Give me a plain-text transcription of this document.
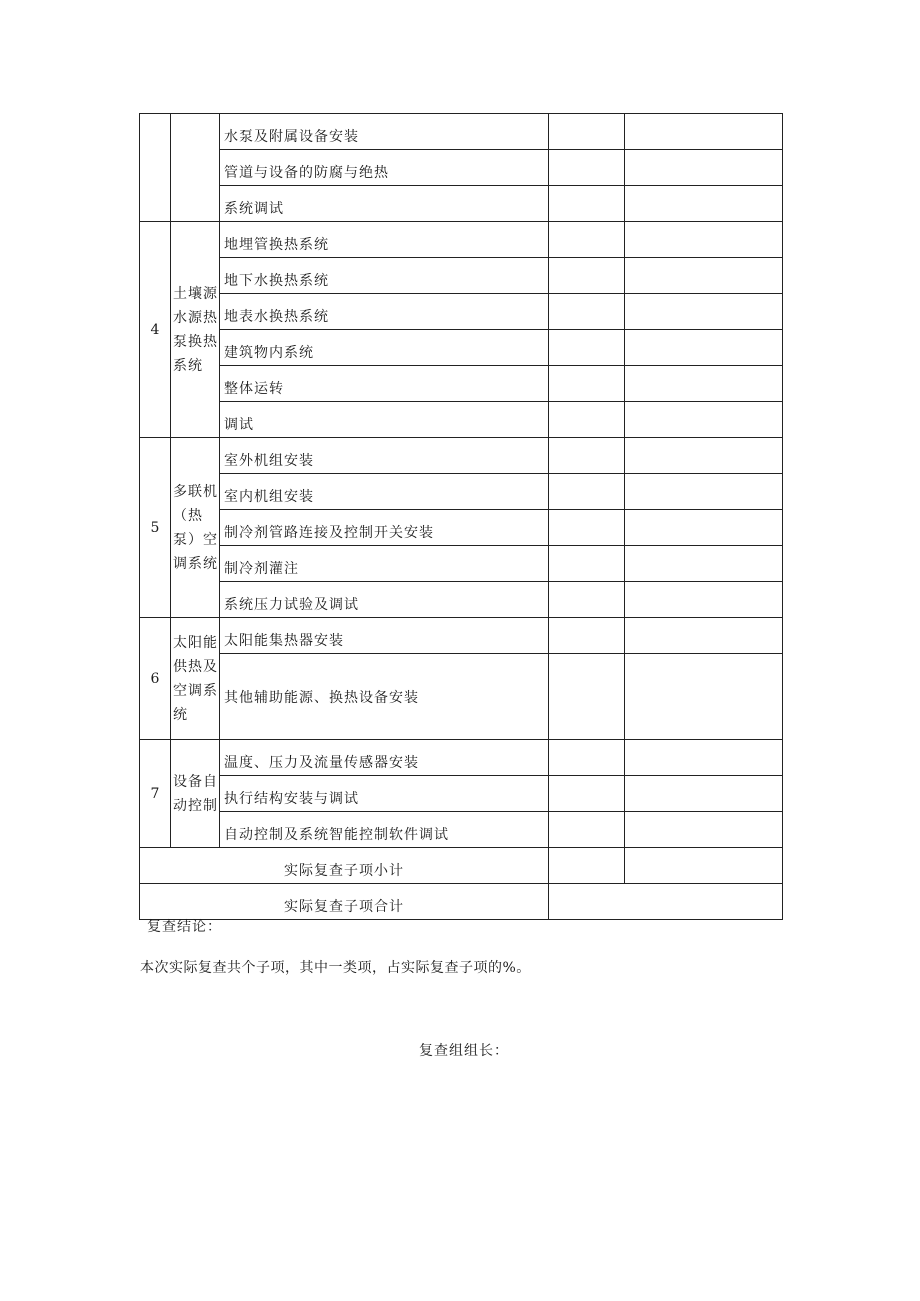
		水泵及附属设备安装		
		管道与设备的防腐与绝热		
		系统调试		
4	土壤源水源热泵换热系统	地埋管换热系统		
		地下水换热系统		
		地表水换热系统		
		建筑物内系统		
		整体运转		
		调试		
5	多联机（热泵）空调系统	室外机组安装		
		室内机组安装		
		制冷剂管路连接及控制开关安装		
		制冷剂灌注		
		系统压力试验及调试		
6	太阳能供热及空调系统	太阳能集热器安装		
		其他辅助能源、换热设备安装		
7	设备自动控制	温度、压力及流量传感器安装		
		执行结构安装与调试		
		自动控制及系统智能控制软件调试		
实际复查子项小计				
实际复查子项合计				
复查结论：
本次实际复查共个子项，其中一类项，占实际复查子项的%。
复查组组长：
